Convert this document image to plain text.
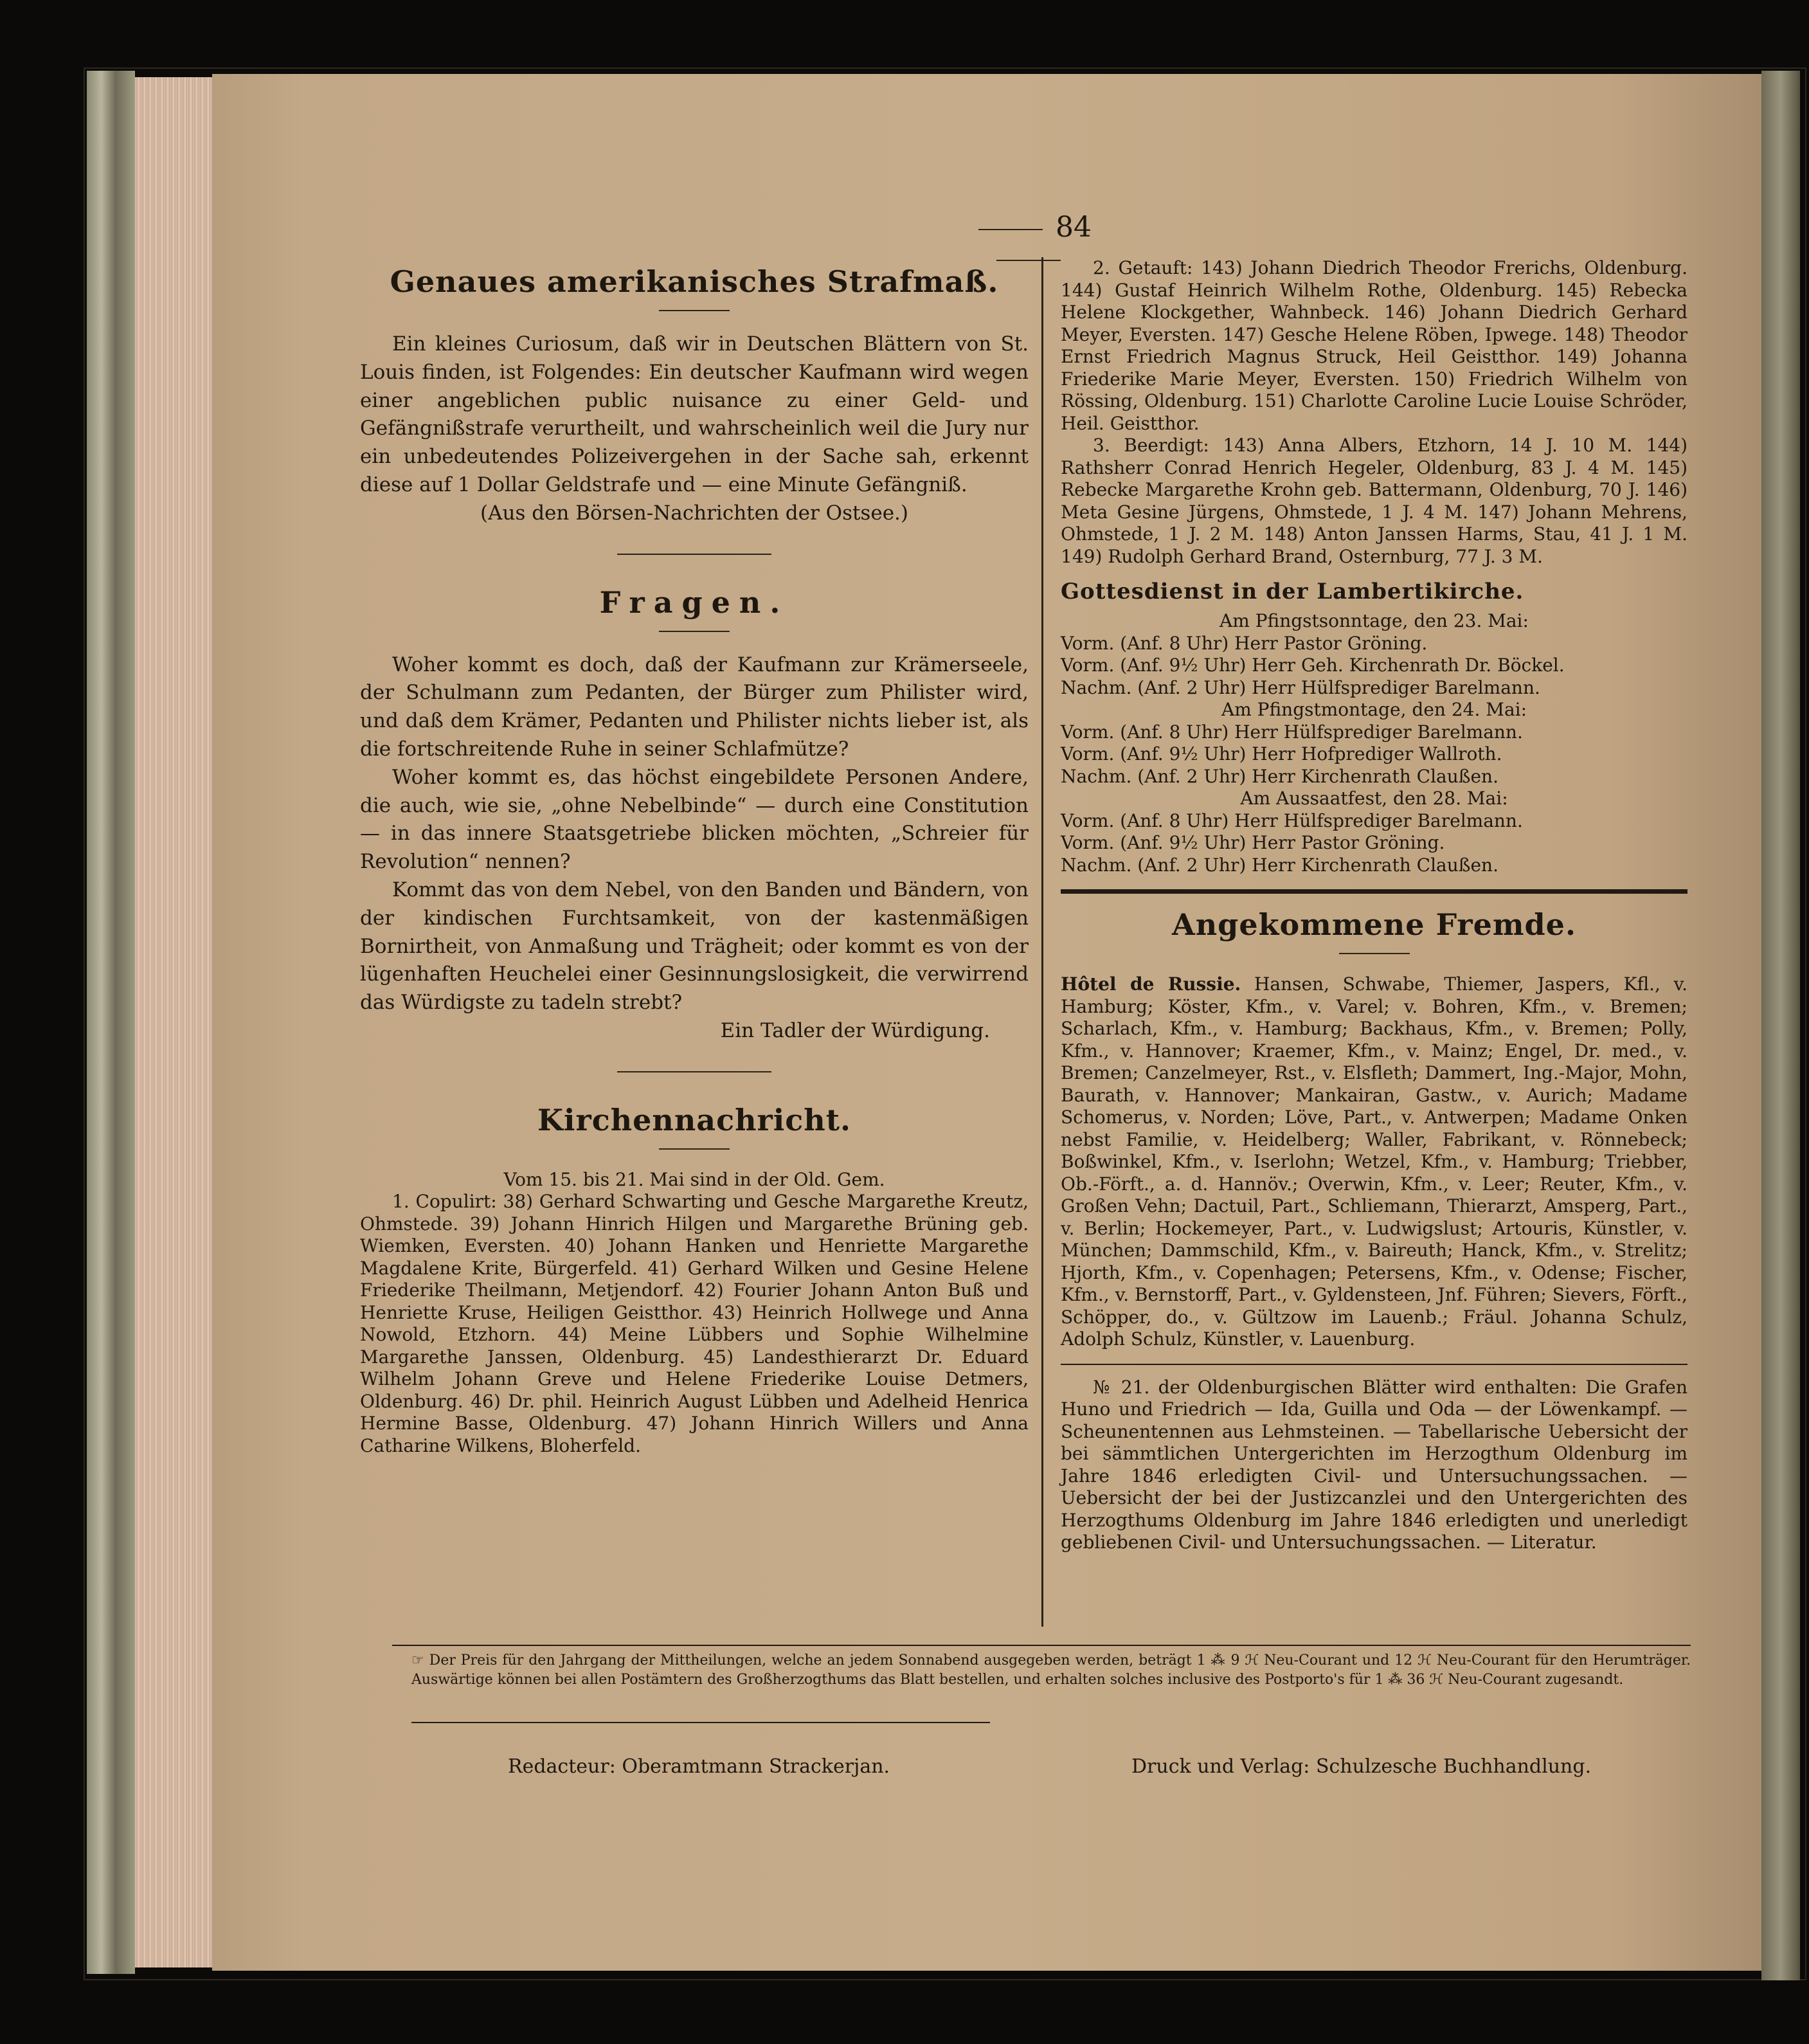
84
Genaues amerikanisches Strafmaß.

Ein kleines Curiosum, daß wir in Deutschen Blättern von St. Louis finden, ist Folgendes: Ein deutscher Kaufmann wird wegen einer angeblichen public nuisance zu einer Geld- und Gefängnißstrafe verurtheilt, und wahrscheinlich weil die Jury nur ein unbedeutendes Polizeivergehen in der Sache sah, erkennt diese auf 1 Dollar Geldstrafe und — eine Minute Gefängniß.

(Aus den Börsen-Nachrichten der Ostsee.)

Fragen.

Woher kommt es doch, daß der Kaufmann zur Krämerseele, der Schulmann zum Pedanten, der Bürger zum Philister wird, und daß dem Krämer, Pedanten und Philister nichts lieber ist, als die fortschreitende Ruhe in seiner Schlafmütze?

Woher kommt es, das höchst eingebildete Personen Andere, die auch, wie sie, „ohne Nebelbinde“ — durch eine Constitution — in das innere Staatsgetriebe blicken möchten, „Schreier für Revolution“ nennen?

Kommt das von dem Nebel, von den Banden und Bändern, von der kindischen Furchtsamkeit, von der kastenmäßigen Bornirtheit, von Anmaßung und Trägheit; oder kommt es von der lügenhaften Heuchelei einer Gesinnungslosigkeit, die verwirrend das Würdigste zu tadeln strebt?

Ein Tadler der Würdigung.

Kirchennachricht.

Vom 15. bis 21. Mai sind in der Old. Gem.

1. Copulirt: 38) Gerhard Schwarting und Gesche Margarethe Kreutz, Ohmstede. 39) Johann Hinrich Hilgen und Margarethe Brüning geb. Wiemken, Eversten. 40) Johann Hanken und Henriette Margarethe Magdalene Krite, Bürgerfeld. 41) Gerhard Wilken und Gesine Helene Friederike Theilmann, Metjendorf. 42) Fourier Johann Anton Buß und Henriette Kruse, Heiligen Geistthor. 43) Heinrich Hollwege und Anna Nowold, Etzhorn. 44) Meine Lübbers und Sophie Wilhelmine Margarethe Janssen, Oldenburg. 45) Landesthierarzt Dr. Eduard Wilhelm Johann Greve und Helene Friederike Louise Detmers, Oldenburg. 46) Dr. phil. Heinrich August Lübben und Adelheid Henrica Hermine Basse, Oldenburg. 47) Johann Hinrich Willers und Anna Catharine Wilkens, Bloherfeld.

2. Getauft: 143) Johann Diedrich Theodor Frerichs, Oldenburg. 144) Gustaf Heinrich Wilhelm Rothe, Oldenburg. 145) Rebecka Helene Klockgether, Wahnbeck. 146) Johann Diedrich Gerhard Meyer, Eversten. 147) Gesche Helene Röben, Ipwege. 148) Theodor Ernst Friedrich Magnus Struck, Heil Geistthor. 149) Johanna Friederike Marie Meyer, Eversten. 150) Friedrich Wilhelm von Rössing, Oldenburg. 151) Charlotte Caroline Lucie Louise Schröder, Heil. Geistthor.

3. Beerdigt: 143) Anna Albers, Etzhorn, 14 J. 10 M. 144) Rathsherr Conrad Henrich Hegeler, Oldenburg, 83 J. 4 M. 145) Rebecke Margarethe Krohn geb. Battermann, Oldenburg, 70 J. 146) Meta Gesine Jürgens, Ohmstede, 1 J. 4 M. 147) Johann Mehrens, Ohmstede, 1 J. 2 M. 148) Anton Janssen Harms, Stau, 41 J. 1 M. 149) Rudolph Gerhard Brand, Osternburg, 77 J. 3 M.

Gottesdienst in der Lambertikirche.

Am Pfingstsonntage, den 23. Mai:

Vorm. (Anf. 8 Uhr) Herr Pastor Gröning.

Vorm. (Anf. 9½ Uhr) Herr Geh. Kirchenrath Dr. Böckel.

Nachm. (Anf. 2 Uhr) Herr Hülfsprediger Barelmann.

Am Pfingstmontage, den 24. Mai:

Vorm. (Anf. 8 Uhr) Herr Hülfsprediger Barelmann.

Vorm. (Anf. 9½ Uhr) Herr Hofprediger Wallroth.

Nachm. (Anf. 2 Uhr) Herr Kirchenrath Claußen.

Am Aussaatfest, den 28. Mai:

Vorm. (Anf. 8 Uhr) Herr Hülfsprediger Barelmann.

Vorm. (Anf. 9½ Uhr) Herr Pastor Gröning.

Nachm. (Anf. 2 Uhr) Herr Kirchenrath Claußen.

Angekommene Fremde.

Hôtel de Russie. Hansen, Schwabe, Thiemer, Jaspers, Kfl., v. Hamburg; Köster, Kfm., v. Varel; v. Bohren, Kfm., v. Bremen; Scharlach, Kfm., v. Hamburg; Backhaus, Kfm., v. Bremen; Polly, Kfm., v. Hannover; Kraemer, Kfm., v. Mainz; Engel, Dr. med., v. Bremen; Canzelmeyer, Rst., v. Elsfleth; Dammert, Ing.-Major, Mohn, Baurath, v. Hannover; Mankairan, Gastw., v. Aurich; Madame Schomerus, v. Norden; Löve, Part., v. Antwerpen; Madame Onken nebst Familie, v. Heidelberg; Waller, Fabrikant, v. Rönnebeck; Boßwinkel, Kfm., v. Iserlohn; Wetzel, Kfm., v. Hamburg; Triebber, Ob.-Förft., a. d. Hannöv.; Overwin, Kfm., v. Leer; Reuter, Kfm., v. Großen Vehn; Dactuil, Part., Schliemann, Thierarzt, Amsperg, Part., v. Berlin; Hockemeyer, Part., v. Ludwigslust; Artouris, Künstler, v. München; Dammschild, Kfm., v. Baireuth; Hanck, Kfm., v. Strelitz; Hjorth, Kfm., v. Copenhagen; Petersens, Kfm., v. Odense; Fischer, Kfm., v. Bernstorff, Part., v. Gyldensteen, Jnf. Führen; Sievers, Förft., Schöpper, do., v. Gültzow im Lauenb.; Fräul. Johanna Schulz, Adolph Schulz, Künstler, v. Lauenburg.

№ 21. der Oldenburgischen Blätter wird enthalten: Die Grafen Huno und Friedrich — Ida, Guilla und Oda — der Löwenkampf. — Scheunentennen aus Lehmsteinen. — Tabellarische Uebersicht der bei sämmtlichen Untergerichten im Herzogthum Oldenburg im Jahre 1846 erledigten Civil- und Untersuchungssachen. — Uebersicht der bei der Justizcanzlei und den Untergerichten des Herzogthums Oldenburg im Jahre 1846 erledigten und unerledigt gebliebenen Civil- und Untersuchungssachen. — Literatur.

☞ Der Preis für den Jahrgang der Mittheilungen, welche an jedem Sonnabend ausgegeben werden, beträgt 1 ⁂ 9 ℋ Neu-Courant und 12 ℋ Neu-Courant für den Herumträger. Auswärtige können bei allen Postämtern des Großherzogthums das Blatt bestellen, und erhalten solches inclusive des Postporto's für 1 ⁂ 36 ℋ Neu-Courant zugesandt.
Redacteur: Oberamtmann Strackerjan.	Druck und Verlag: Schulzesche Buchhandlung.
